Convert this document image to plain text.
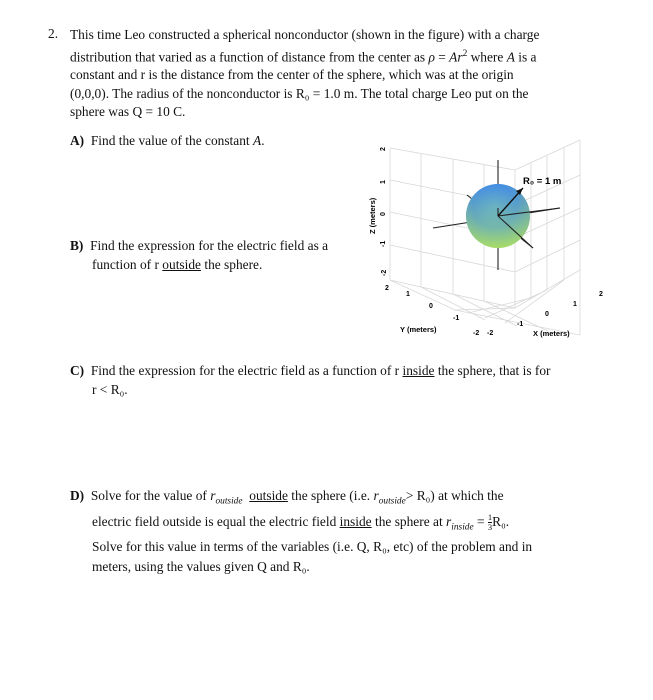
2. This time Leo constructed a spherical nonconductor (shown in the figure) with a charge
distribution that varied as a function of distance from the center as $\rho = Ar^2$ where A is a
constant and r is the distance from the center of the sphere, which was at the origin
(0,0,0). The radius of the nonconductor is R₀ = 1.0 m. The total charge Leo put on the
sphere was Q = 10 C.
A) Find the value of the constant A.
B) Find the expression for the electric field as a
function of r outside the sphere.
C) Find the expression for the electric field as a function of r inside the sphere, that is for
r < R₀.
D) Solve for the value of $r_{outside}$ outside the sphere (i.e. $r_{outside}> R_0$) at which the
electric field outside is equal the electric field inside the sphere at $r_{inside} = \frac{1}{3} R_0$.
Solve for this value in terms of the variables (i.e. Q, R₀, etc) of the problem and in
meters, using the values given Q and R₀.
R₀ = 1 m
Z (meters)
2
1
0
-1
-2
2
1
0
-1
-2
Y (meters)	-2
-1
0
1
2
X (meters)
